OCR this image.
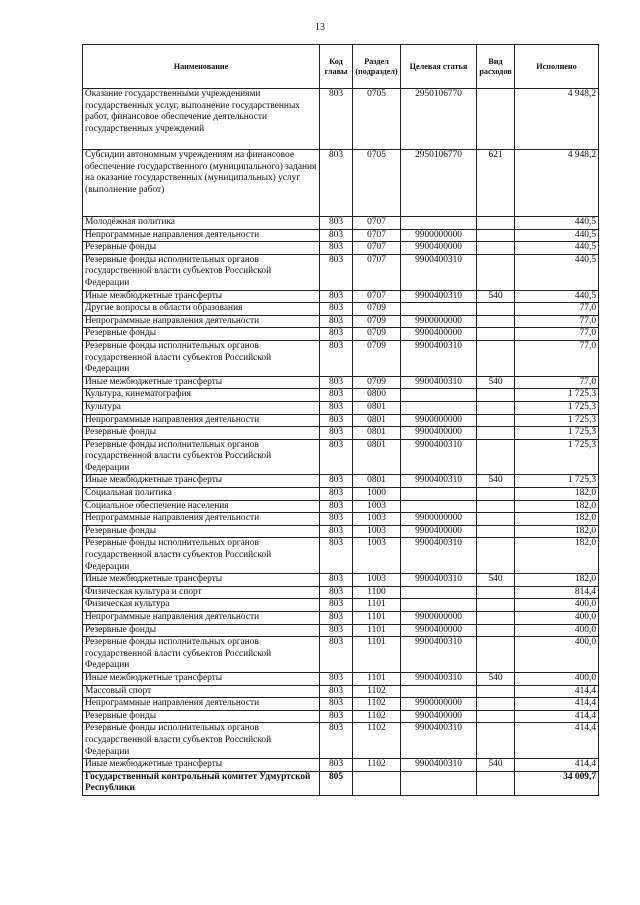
13
Наименование	Код главы	Раздел (подраздел)	Целевая статья	Вид расходов	Исполнено
Оказание государственными учреждениями государственных услуг, выполнение государственных работ, финансовое обеспечение деятельности государственных учреждений	803	0705	2950106770		4 948,2
Субсидии автономным учреждениям на финансовое обеспечение государственного (муниципального) задания на оказание государственных (муниципальных) услуг (выполнение работ)	803	0705	2950106770	621	4 948,2
Молодёжная политика	803	0707			440,5
Непрограммные направления деятельности	803	0707	9900000000		440,5
Резервные фонды	803	0707	9900400000		440,5
Резервные фонды исполнительных органов государственной власти субъектов Российской Федерации	803	0707	9900400310		440,5
Иные межбюджетные трансферты	803	0707	9900400310	540	440,5
Другие вопросы в области образования	803	0709			77,0
Непрограммные направления деятельности	803	0709	9900000000		77,0
Резервные фонды	803	0709	9900400000		77,0
Резервные фонды исполнительных органов государственной власти субъектов Российской Федерации	803	0709	9900400310		77,0
Иные межбюджетные трансферты	803	0709	9900400310	540	77,0
Культура, кинематография	803	0800			1 725,3
Культура	803	0801			1 725,3
Непрограммные направления деятельности	803	0801	9900000000		1 725,3
Резервные фонды	803	0801	9900400000		1 725,3
Резервные фонды исполнительных органов государственной власти субъектов Российской Федерации	803	0801	9900400310		1 725,3
Иные межбюджетные трансферты	803	0801	9900400310	540	1 725,3
Социальная политика	803	1000			182,0
Социальное обеспечение населения	803	1003			182,0
Непрограммные направления деятельности	803	1003	9900000000		182,0
Резервные фонды	803	1003	9900400000		182,0
Резервные фонды исполнительных органов государственной власти субъектов Российской Федерации	803	1003	9900400310		182,0
Иные межбюджетные трансферты	803	1003	9900400310	540	182,0
Физическая культура и спорт	803	1100			814,4
Физическая культура	803	1101			400,0
Непрограммные направления деятельности	803	1101	9900000000		400,0
Резервные фонды	803	1101	9900400000		400,0
Резервные фонды исполнительных органов государственной власти субъектов Российской Федерации	803	1101	9900400310		400,0
Иные межбюджетные трансферты	803	1101	9900400310	540	400,0
Массовый спорт	803	1102			414,4
Непрограммные направления деятельности	803	1102	9900000000		414,4
Резервные фонды	803	1102	9900400000		414,4
Резервные фонды исполнительных органов государственной власти субъектов Российской Федерации	803	1102	9900400310		414,4
Иные межбюджетные трансферты	803	1102	9900400310	540	414,4
Государственный контрольный комитет Удмуртской Республики	805				34 009,7
